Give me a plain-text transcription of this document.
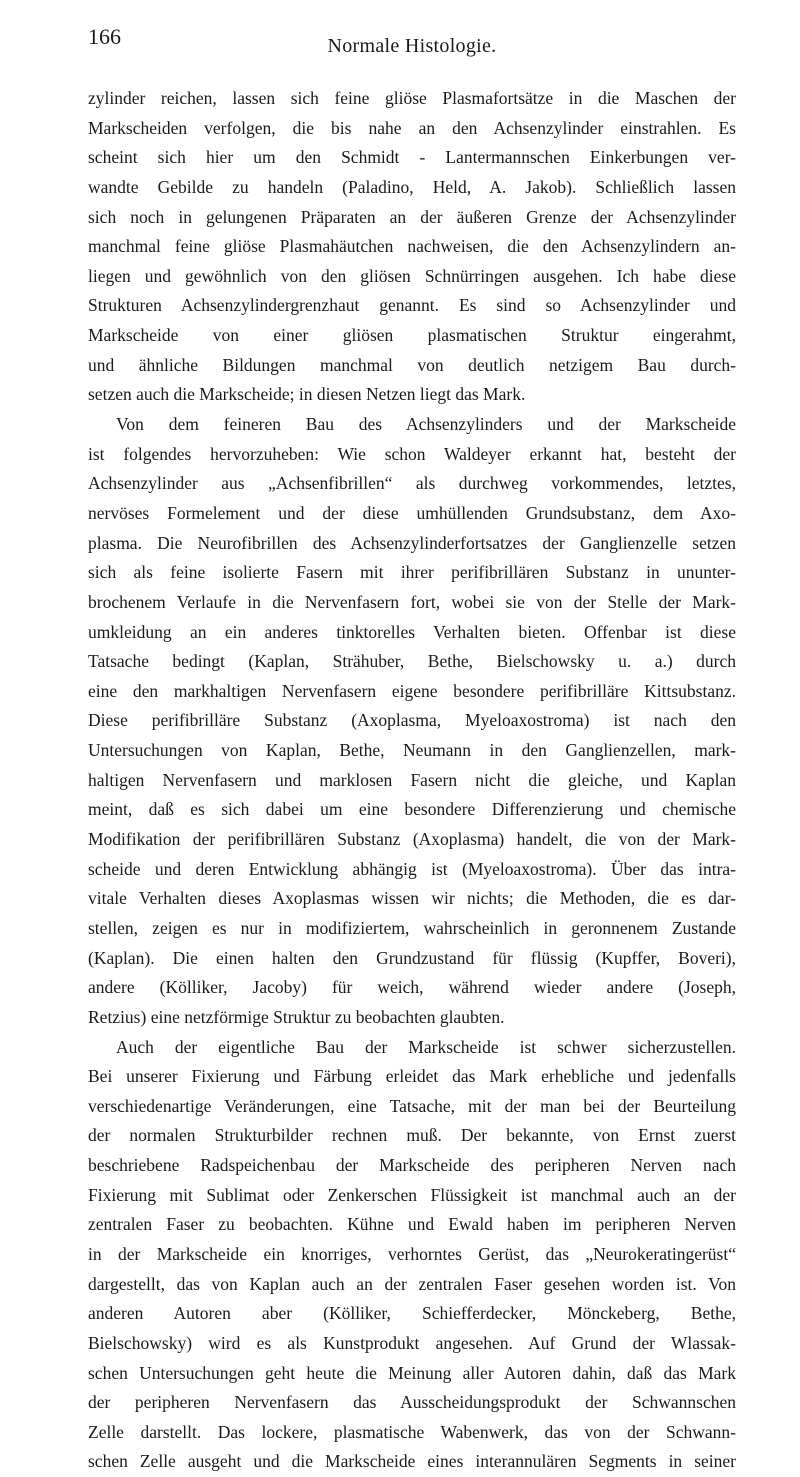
166	Normale Histologie.
zylinder reichen, lassen sich feine gliöse Plasmafortsätze in die Maschen der
Markscheiden verfolgen, die bis nahe an den Achsenzylinder einstrahlen. Es
scheint sich hier um den Schmidt - Lantermannschen Einkerbungen ver-
wandte Gebilde zu handeln (Paladino, Held, A. Jakob). Schließlich lassen
sich noch in gelungenen Präparaten an der äußeren Grenze der Achsenzylinder
manchmal feine gliöse Plasmahäutchen nachweisen, die den Achsenzylindern an-
liegen und gewöhnlich von den gliösen Schnürringen ausgehen. Ich habe diese
Strukturen Achsenzylindergrenzhaut genannt. Es sind so Achsenzylinder und
Markscheide von einer gliösen plasmatischen Struktur eingerahmt,
und ähnliche Bildungen manchmal von deutlich netzigem Bau durch-
setzen auch die Markscheide; in diesen Netzen liegt das Mark.
Von dem feineren Bau des Achsenzylinders und der Markscheide
ist folgendes hervorzuheben: Wie schon Waldeyer erkannt hat, besteht der
Achsenzylinder aus „Achsenfibrillen“ als durchweg vorkommendes, letztes,
nervöses Formelement und der diese umhüllenden Grundsubstanz, dem Axo-
plasma. Die Neurofibrillen des Achsenzylinderfortsatzes der Ganglienzelle setzen
sich als feine isolierte Fasern mit ihrer perifibrillären Substanz in ununter-
brochenem Verlaufe in die Nervenfasern fort, wobei sie von der Stelle der Mark-
umkleidung an ein anderes tinktorelles Verhalten bieten. Offenbar ist diese
Tatsache bedingt (Kaplan, Strähuber, Bethe, Bielschowsky u. a.) durch
eine den markhaltigen Nervenfasern eigene besondere perifibrilläre Kittsubstanz.
Diese perifibrilläre Substanz (Axoplasma, Myeloaxostroma) ist nach den
Untersuchungen von Kaplan, Bethe, Neumann in den Ganglienzellen, mark-
haltigen Nervenfasern und marklosen Fasern nicht die gleiche, und Kaplan
meint, daß es sich dabei um eine besondere Differenzierung und chemische
Modifikation der perifibrillären Substanz (Axoplasma) handelt, die von der Mark-
scheide und deren Entwicklung abhängig ist (Myeloaxostroma). Über das intra-
vitale Verhalten dieses Axoplasmas wissen wir nichts; die Methoden, die es dar-
stellen, zeigen es nur in modifiziertem, wahrscheinlich in geronnenem Zustande
(Kaplan). Die einen halten den Grundzustand für flüssig (Kupffer, Boveri),
andere (Kölliker, Jacoby) für weich, während wieder andere (Joseph,
Retzius) eine netzförmige Struktur zu beobachten glaubten.
Auch der eigentliche Bau der Markscheide ist schwer sicherzustellen.
Bei unserer Fixierung und Färbung erleidet das Mark erhebliche und jedenfalls
verschiedenartige Veränderungen, eine Tatsache, mit der man bei der Beurteilung
der normalen Strukturbilder rechnen muß. Der bekannte, von Ernst zuerst
beschriebene Radspeichenbau der Markscheide des peripheren Nerven nach
Fixierung mit Sublimat oder Zenkerschen Flüssigkeit ist manchmal auch an der
zentralen Faser zu beobachten. Kühne und Ewald haben im peripheren Nerven
in der Markscheide ein knorriges, verhorntes Gerüst, das „Neurokeratingerüst“
dargestellt, das von Kaplan auch an der zentralen Faser gesehen worden ist. Von
anderen Autoren aber (Kölliker, Schiefferdecker, Mönckeberg, Bethe,
Bielschowsky) wird es als Kunstprodukt angesehen. Auf Grund der Wlassak-
schen Untersuchungen geht heute die Meinung aller Autoren dahin, daß das Mark
der peripheren Nervenfasern das Ausscheidungsprodukt der Schwannschen
Zelle darstellt. Das lockere, plasmatische Wabenwerk, das von der Schwann-
schen Zelle ausgeht und die Markscheide eines interannulären Segments in seiner
